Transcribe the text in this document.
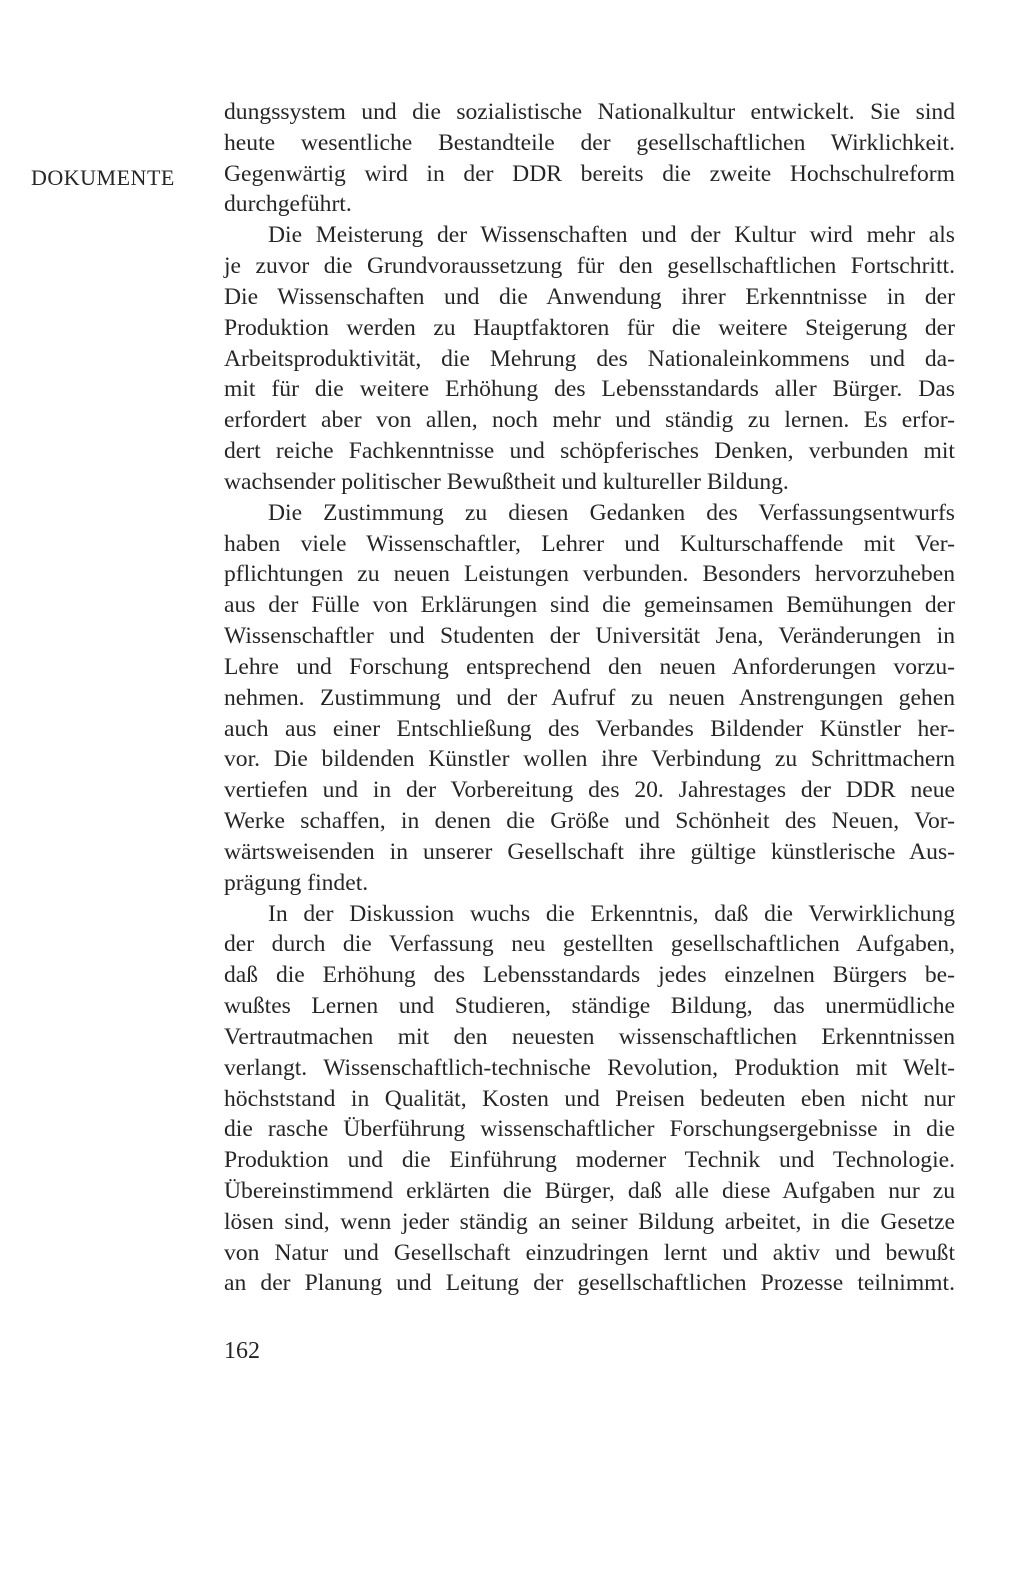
DOKUMENTE
dungssystem und die sozialistische Nationalkultur entwickelt. Sie sind
heute wesentliche Bestandteile der gesellschaftlichen Wirklichkeit.
Gegenwärtig wird in der DDR bereits die zweite Hochschulreform
durchgeführt.
Die Meisterung der Wissenschaften und der Kultur wird mehr als
je zuvor die Grundvoraussetzung für den gesellschaftlichen Fortschritt.
Die Wissenschaften und die Anwendung ihrer Erkenntnisse in der
Produktion werden zu Hauptfaktoren für die weitere Steigerung der
Arbeitsproduktivität, die Mehrung des Nationaleinkommens und da-
mit für die weitere Erhöhung des Lebensstandards aller Bürger. Das
erfordert aber von allen, noch mehr und ständig zu lernen. Es erfor-
dert reiche Fachkenntnisse und schöpferisches Denken, verbunden mit
wachsender politischer Bewußtheit und kultureller Bildung.
Die Zustimmung zu diesen Gedanken des Verfassungsentwurfs
haben viele Wissenschaftler, Lehrer und Kulturschaffende mit Ver-
pflichtungen zu neuen Leistungen verbunden. Besonders hervorzuheben
aus der Fülle von Erklärungen sind die gemeinsamen Bemühungen der
Wissenschaftler und Studenten der Universität Jena, Veränderungen in
Lehre und Forschung entsprechend den neuen Anforderungen vorzu-
nehmen. Zustimmung und der Aufruf zu neuen Anstrengungen gehen
auch aus einer Entschließung des Verbandes Bildender Künstler her-
vor. Die bildenden Künstler wollen ihre Verbindung zu Schrittmachern
vertiefen und in der Vorbereitung des 20. Jahrestages der DDR neue
Werke schaffen, in denen die Größe und Schönheit des Neuen, Vor-
wärtsweisenden in unserer Gesellschaft ihre gültige künstlerische Aus-
prägung findet.
In der Diskussion wuchs die Erkenntnis, daß die Verwirklichung
der durch die Verfassung neu gestellten gesellschaftlichen Aufgaben,
daß die Erhöhung des Lebensstandards jedes einzelnen Bürgers be-
wußtes Lernen und Studieren, ständige Bildung, das unermüdliche
Vertrautmachen mit den neuesten wissenschaftlichen Erkenntnissen
verlangt. Wissenschaftlich-technische Revolution, Produktion mit Welt-
höchststand in Qualität, Kosten und Preisen bedeuten eben nicht nur
die rasche Überführung wissenschaftlicher Forschungsergebnisse in die
Produktion und die Einführung moderner Technik und Technologie.
Übereinstimmend erklärten die Bürger, daß alle diese Aufgaben nur zu
lösen sind, wenn jeder ständig an seiner Bildung arbeitet, in die Gesetze
von Natur und Gesellschaft einzudringen lernt und aktiv und bewußt
an der Planung und Leitung der gesellschaftlichen Prozesse teilnimmt.
162
